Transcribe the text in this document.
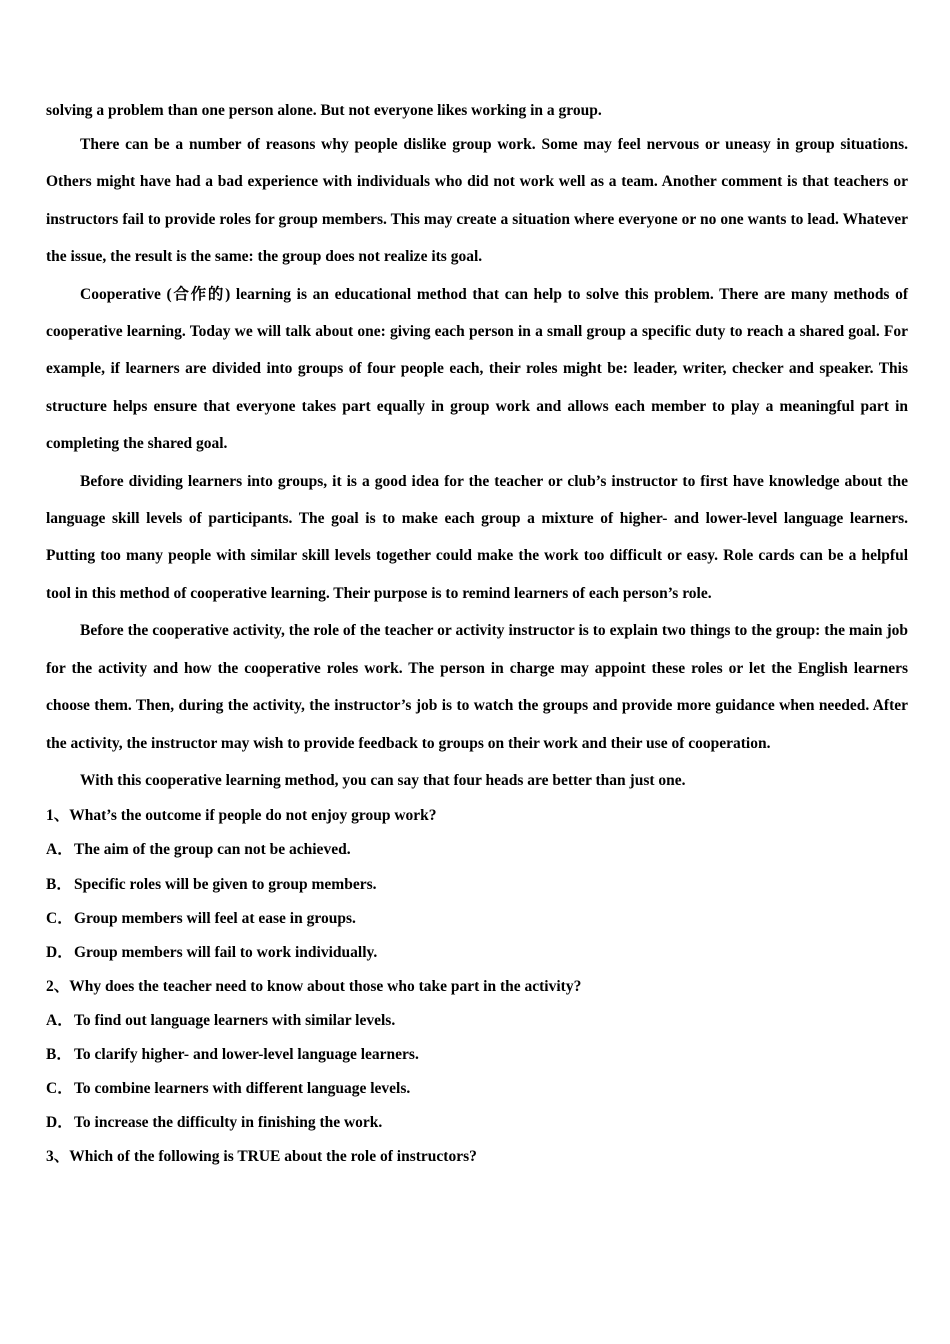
solving a problem than one person alone. But not everyone likes working in a group.

There can be a number of reasons why people dislike group work. Some may feel nervous or uneasy in group situations. Others might have had a bad experience with individuals who did not work well as a team. Another comment is that teachers or instructors fail to provide roles for group members. This may create a situation where everyone or no one wants to lead. Whatever the issue, the result is the same: the group does not realize its goal.

Cooperative (合作的) learning is an educational method that can help to solve this problem. There are many methods of cooperative learning. Today we will talk about one: giving each person in a small group a specific duty to reach a shared goal. For example, if learners are divided into groups of four people each, their roles might be: leader, writer, checker and speaker. This structure helps ensure that everyone takes part equally in group work and allows each member to play a meaningful part in completing the shared goal.

Before dividing learners into groups, it is a good idea for the teacher or club’s instructor to first have knowledge about the language skill levels of participants. The goal is to make each group a mixture of higher- and lower-level language learners. Putting too many people with similar skill levels together could make the work too difficult or easy. Role cards can be a helpful tool in this method of cooperative learning. Their purpose is to remind learners of each person’s role.

Before the cooperative activity, the role of the teacher or activity instructor is to explain two things to the group: the main job for the activity and how the cooperative roles work. The person in charge may appoint these roles or let the English learners choose them. Then, during the activity, the instructor’s job is to watch the groups and provide more guidance when needed. After the activity, the instructor may wish to provide feedback to groups on their work and their use of cooperation.

With this cooperative learning method, you can say that four heads are better than just one.

1、What’s the outcome if people do not enjoy group work?

A．The aim of the group can not be achieved.

B． Specific roles will be given to group members.

C．Group members will feel at ease in groups.

D．Group members will fail to work individually.

2、Why does the teacher need to know about those who take part in the activity?

A．To find out language learners with similar levels.

B． To clarify higher- and lower-level language learners.

C．To combine learners with different language levels.

D．To increase the difficulty in finishing the work.

3、Which of the following is TRUE about the role of instructors?
